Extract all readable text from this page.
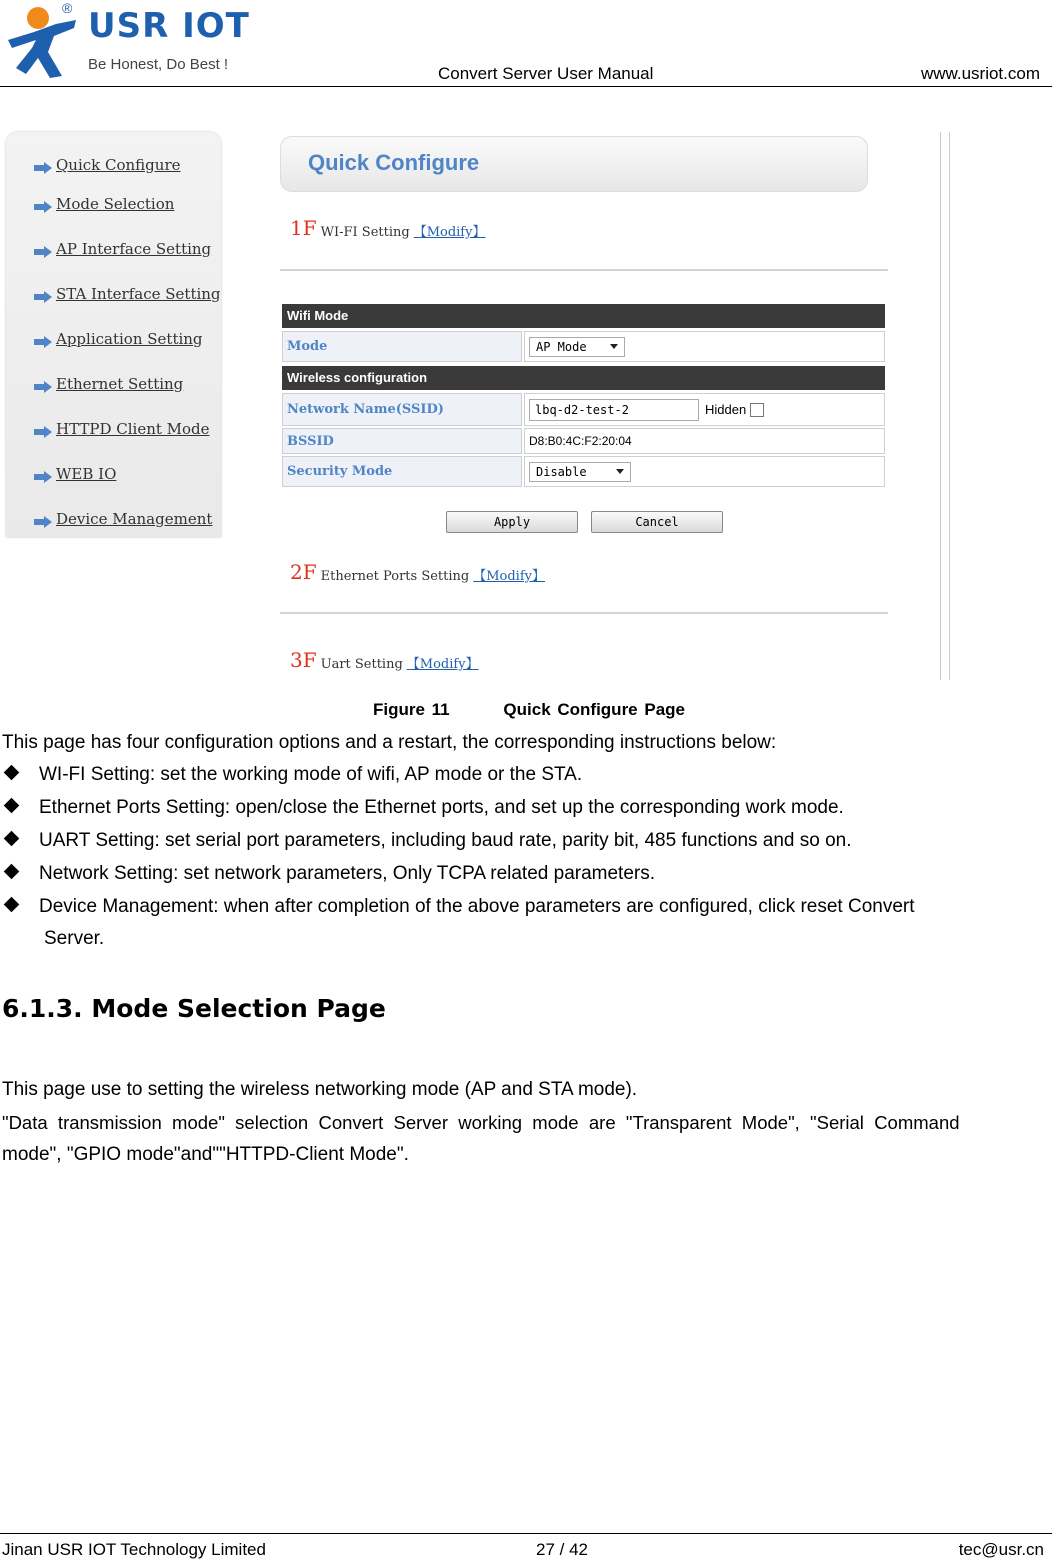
® USR IOT
Be Honest, Do Best !	Convert Server User Manual	www.usriot.com
Quick Configure
Mode Selection
AP Interface Setting
STA Interface Setting
Application Setting
Ethernet Setting
HTTPD Client Mode
WEB IO
Device Management
Quick Configure
1F WI-FI Setting 【Modify】
Wifi Mode
Mode	AP Mode
Wireless configuration
Network Name(SSID)	lbq-d2-test-2	Hidden
BSSID	D8:B0:4C:F2:20:04
Security Mode	Disable
Apply	Cancel
2F Ethernet Ports Setting 【Modify】
3F Uart Setting 【Modify】
Figure 11        Quick Configure Page
This page has four configuration options and a restart, the corresponding instructions below:
WI-FI Setting: set the working mode of wifi, AP mode or the STA.
Ethernet Ports Setting: open/close the Ethernet ports, and set up the corresponding work mode.
UART Setting: set serial port parameters, including baud rate, parity bit, 485 functions and so on.
Network Setting: set network parameters, Only TCPA related parameters.
Device Management: when after completion of the above parameters are configured, click reset Convert
Server.
6.1.3. Mode Selection Page
This page use to setting the wireless networking mode (AP and STA mode).
"Data  transmission  mode"  selection  Convert  Server  working  mode  are  "Transparent  Mode",  "Serial  Command
mode", "GPIO mode"and""HTTPD-Client Mode".
Jinan USR IOT Technology Limited	27 / 42	tec@usr.cn
